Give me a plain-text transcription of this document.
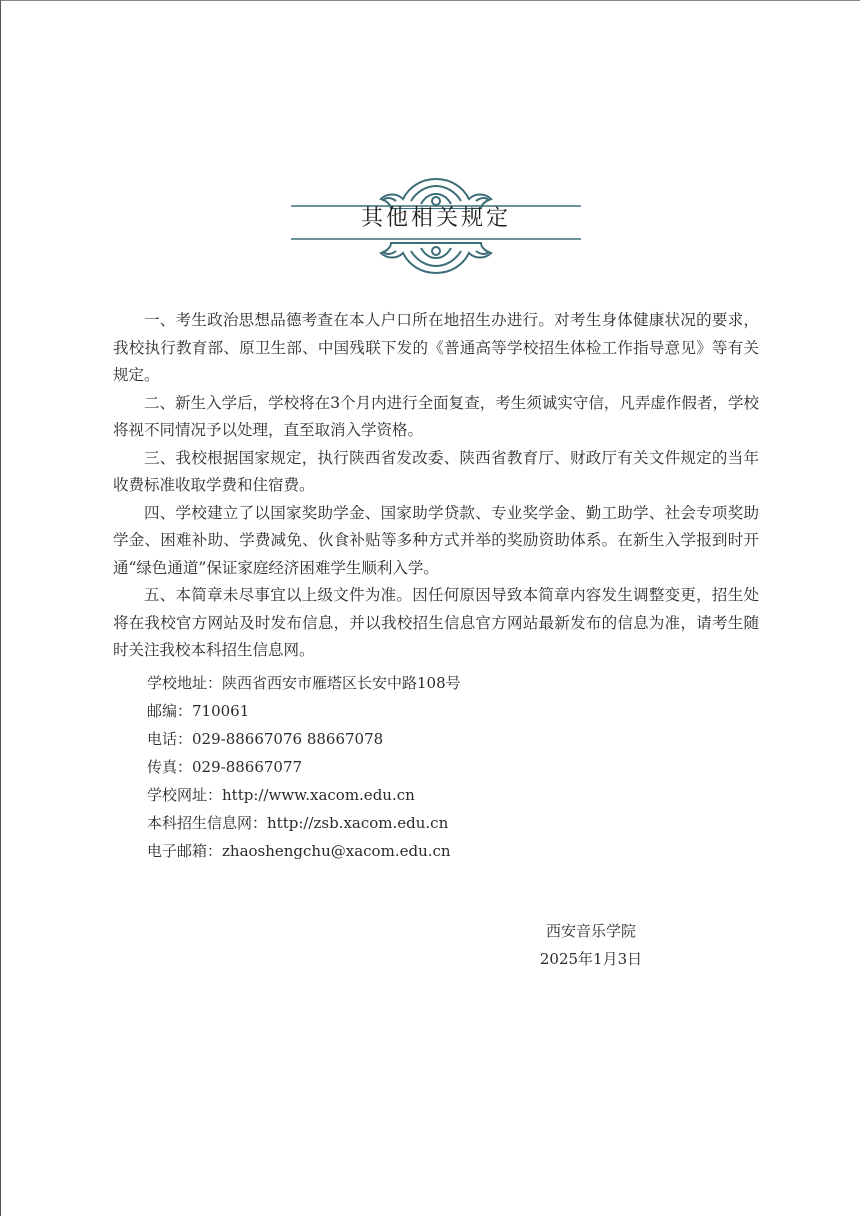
其他相关规定

一、考生政治思想品德考查在本人户口所在地招生办进行。对考生身体健康状况的要求，我校执行教育部、原卫生部、中国残联下发的《普通高等学校招生体检工作指导意见》等有关规定。

二、新生入学后，学校将在3个月内进行全面复查，考生须诚实守信，凡弄虚作假者，学校将视不同情况予以处理，直至取消入学资格。

三、我校根据国家规定，执行陕西省发改委、陕西省教育厅、财政厅有关文件规定的当年收费标准收取学费和住宿费。

四、学校建立了以国家奖助学金、国家助学贷款、专业奖学金、勤工助学、社会专项奖助学金、困难补助、学费减免、伙食补贴等多种方式并举的奖励资助体系。在新生入学报到时开通“绿色通道”保证家庭经济困难学生顺利入学。

五、本简章未尽事宜以上级文件为准。因任何原因导致本简章内容发生调整变更，招生处将在我校官方网站及时发布信息，并以我校招生信息官方网站最新发布的信息为准，请考生随时关注我校本科招生信息网。

学校地址：陕西省西安市雁塔区长安中路108号
邮编：710061
电话：029-88667076 88667078
传真：029-88667077
学校网址：http://www.xacom.edu.cn
本科招生信息网：http://zsb.xacom.edu.cn
电子邮箱：zhaoshengchu@xacom.edu.cn
西安音乐学院
2025年1月3日
